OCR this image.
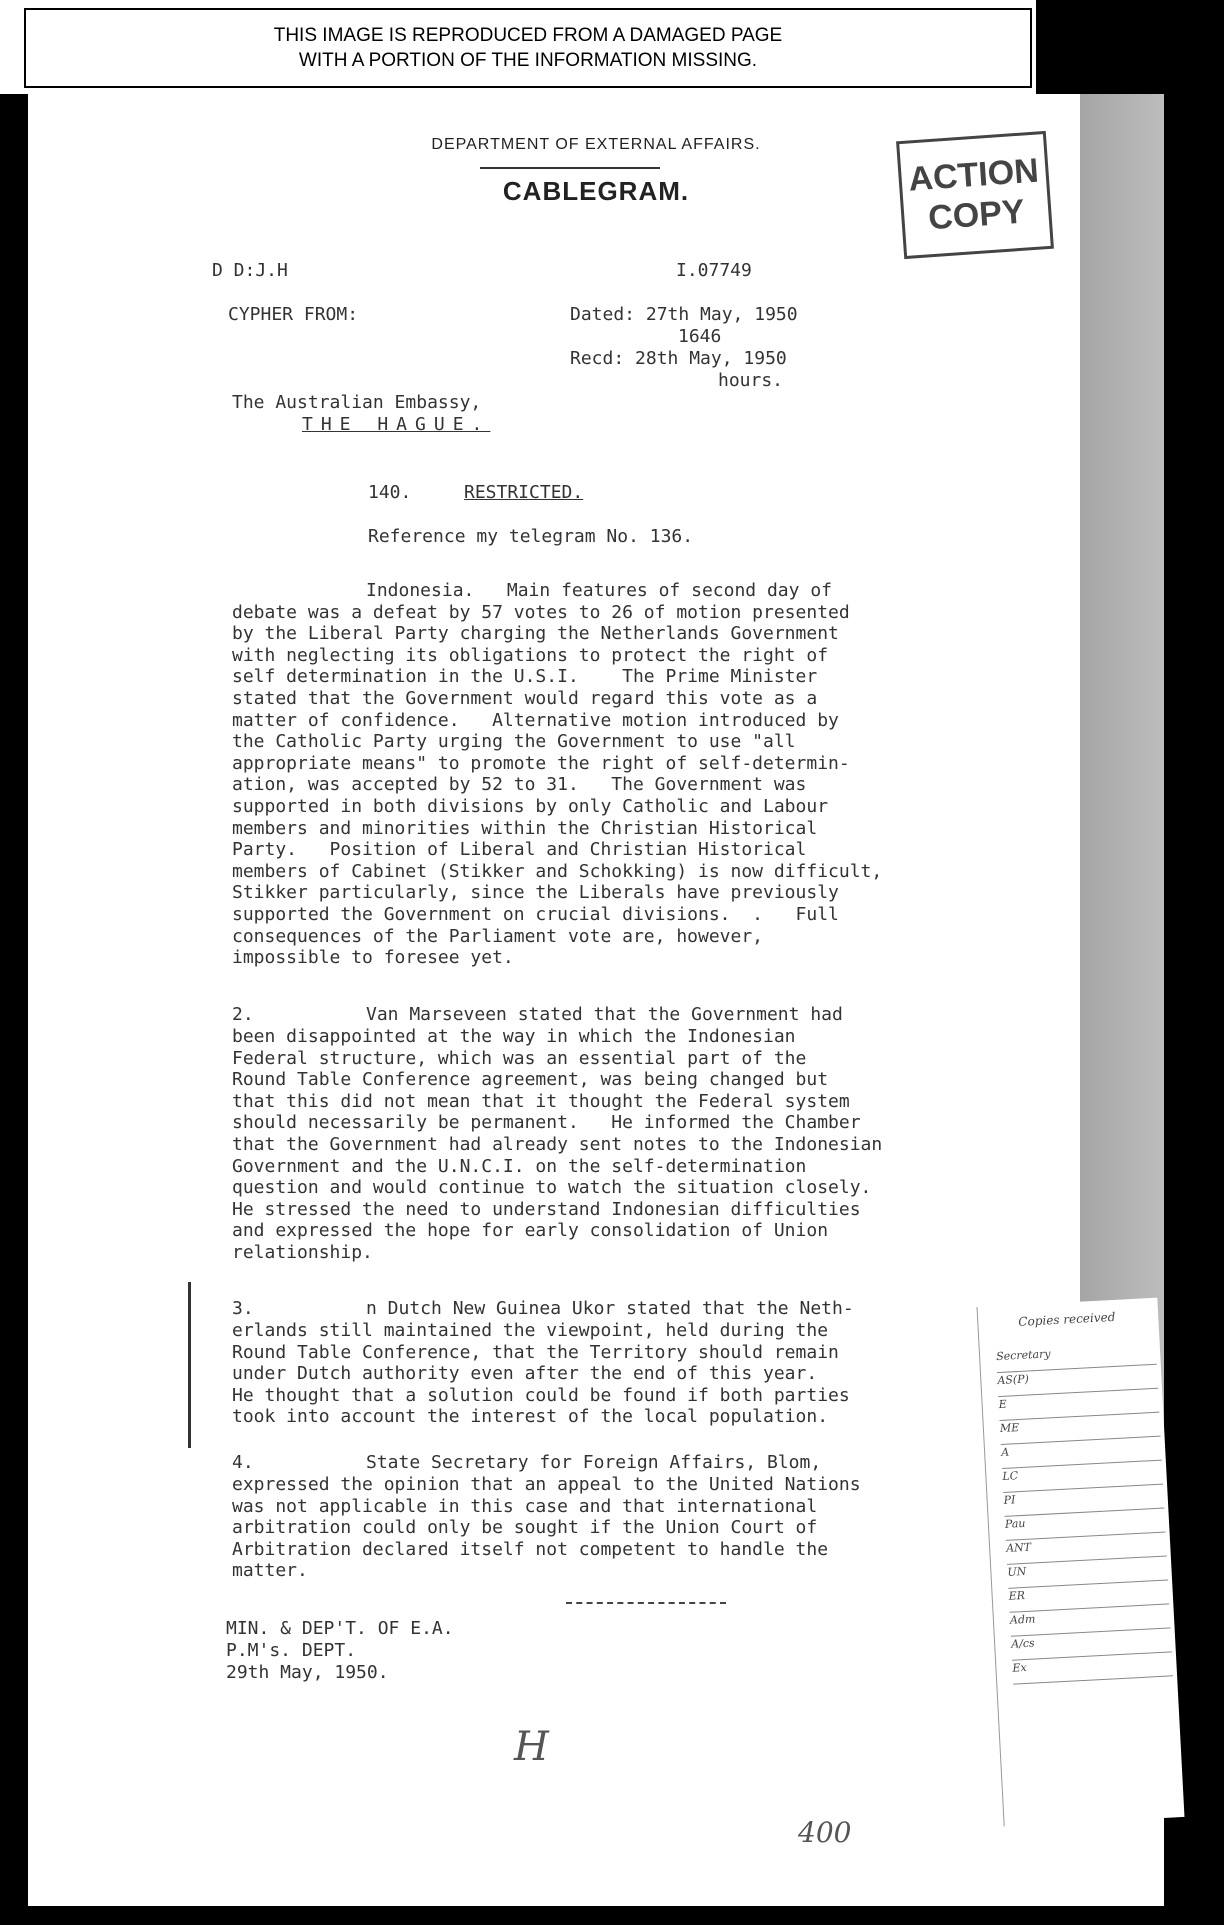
THIS IMAGE IS REPRODUCED FROM A DAMAGED PAGE
WITH A PORTION OF THE INFORMATION MISSING.
DEPARTMENT OF EXTERNAL AFFAIRS.
CABLEGRAM.
D D:J.H	I.07749
CYPHER FROM:	Dated: 27th May, 1950
1646
Recd: 28th May, 1950
hours.
The Australian Embassy,
THE HAGUE.
140.	RESTRICTED.
Reference my telegram No. 136.
Indonesia.   Main features of second day of
debate was a defeat by 57 votes to 26 of motion presented
by the Liberal Party charging the Netherlands Government
with neglecting its obligations to protect the right of
self determination in the U.S.I.    The Prime Minister
stated that the Government would regard this vote as a
matter of confidence.   Alternative motion introduced by
the Catholic Party urging the Government to use "all
appropriate means" to promote the right of self-determin-
ation, was accepted by 52 to 31.   The Government was
supported in both divisions by only Catholic and Labour
members and minorities within the Christian Historical
Party.   Position of Liberal and Christian Historical
members of Cabinet (Stikker and Schokking) is now difficult,
Stikker particularly, since the Liberals have previously
supported the Government on crucial divisions.  .   Full
consequences of the Parliament vote are, however,
impossible to foresee yet.
2.	Van Marseveen stated that the Government had
been disappointed at the way in which the Indonesian
Federal structure, which was an essential part of the
Round Table Conference agreement, was being changed but
that this did not mean that it thought the Federal system
should necessarily be permanent.   He informed the Chamber
that the Government had already sent notes to the Indonesian
Government and the U.N.C.I. on the self-determination
question and would continue to watch the situation closely.
He stressed the need to understand Indonesian difficulties
and expressed the hope for early consolidation of Union
relationship.
3.	n Dutch New Guinea Ukor stated that the Neth-
erlands still maintained the viewpoint, held during the
Round Table Conference, that the Territory should remain
under Dutch authority even after the end of this year.
He thought that a solution could be found if both parties
took into account the interest of the local population.
4.	State Secretary for Foreign Affairs, Blom,
expressed the opinion that an appeal to the United Nations
was not applicable in this case and that international
arbitration could only be sought if the Union Court of
Arbitration declared itself not competent to handle the
matter.
MIN. & DEP'T. OF E.A.
P.M's. DEPT.
29th May, 1950.
H
400
ACTION
COPY
Copies received
Secretary
AS(P)
E
ME
A
LC
PI
Pau
ANT
UN
ER
Adm
A/cs
Ex
